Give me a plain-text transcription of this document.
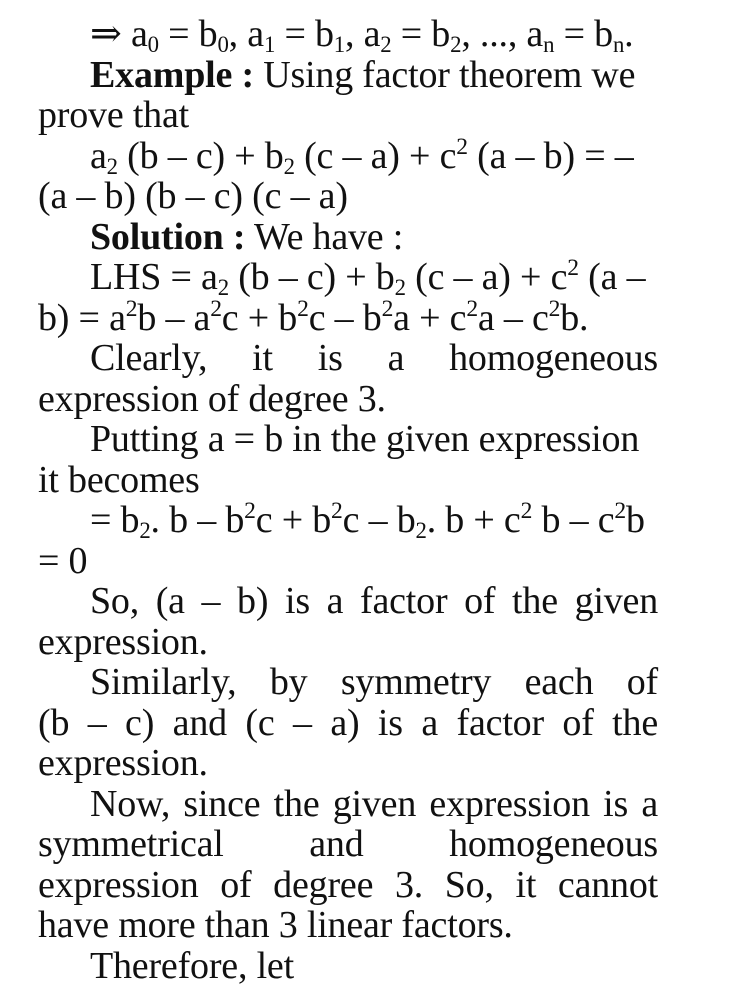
⇒ $a_0 = b_0$, $a_1 = b_1$, $a_2 = b_2$, ..., $a_n = b_n$.
Example : Using factor theorem we
prove that
$a_2$ $(b - c) + b_2$ $(c - a) + c^2$ (a – b) = –
(a – b) (b – c) (c – a)
Solution : We have :
LHS = $a_2$ $(b - c) + b_2$ $(c - a) + c^2$ (a –
$b) = a^2b - a^2c + b^2c - b^2a + c^2a - c^2b$.
Clearly, it is a homogeneous
expression of degree 3.
Putting a = b in the given expression
it becomes
= $b_2$. $b - b^2c + b^2c - b_2$. $b + c^2$ b – $c^2b$
= 0
So, (a – b) is a factor of the given
expression.
Similarly, by symmetry each of
(b – c) and (c – a) is a factor of the
expression.
Now, since the given expression is a
symmetrical and homogeneous
expression of degree 3. So, it cannot
have more than 3 linear factors.
Therefore, let
